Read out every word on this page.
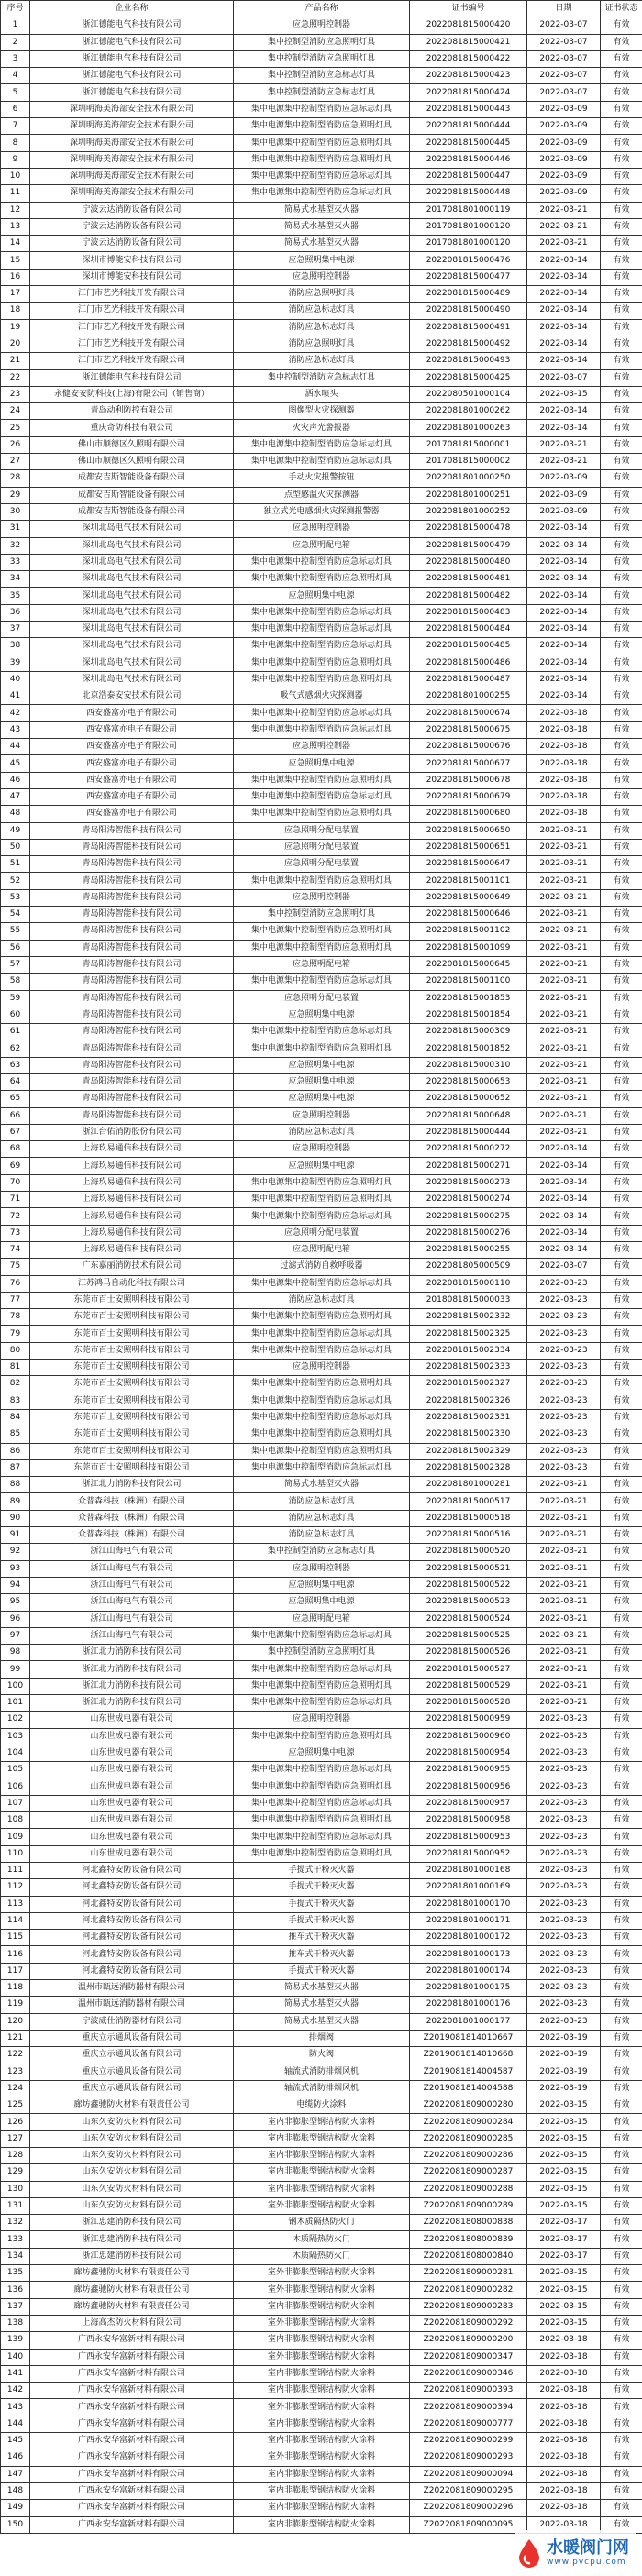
序号	企业名称	产品名称	证书编号	日期	证书状态
1	浙江德能电气科技有限公司	应急照明控制器	2022081815000420	2022-03-07	有效
2	浙江德能电气科技有限公司	集中控制型消防应急照明灯具	2022081815000421	2022-03-07	有效
3	浙江德能电气科技有限公司	集中控制型消防应急照明灯具	2022081815000422	2022-03-07	有效
4	浙江德能电气科技有限公司	集中控制型消防应急标志灯具	2022081815000423	2022-03-07	有效
5	浙江德能电气科技有限公司	集中控制型消防应急标志灯具	2022081815000424	2022-03-07	有效
6	深圳明海美海部安全技术有限公司	集中电源集中控制型消防应急标志灯具	2022081815000443	2022-03-09	有效
7	深圳明海美海部安全技术有限公司	集中电源集中控制型消防应急照明灯具	2022081815000444	2022-03-09	有效
8	深圳明海美海部安全技术有限公司	集中电源集中控制型消防应急照明灯具	2022081815000445	2022-03-09	有效
9	深圳明海美海部安全技术有限公司	集中电源集中控制型消防应急照明灯具	2022081815000446	2022-03-09	有效
10	深圳明海美海部安全技术有限公司	集中电源集中控制型消防应急标志灯具	2022081815000447	2022-03-09	有效
11	深圳明海美海部安全技术有限公司	集中电源集中控制型消防应急标志灯具	2022081815000448	2022-03-09	有效
12	宁波云达消防设备有限公司	简易式水基型灭火器	2017081801000119	2022-03-21	有效
13	宁波云达消防设备有限公司	简易式水基型灭火器	2017081801000120	2022-03-21	有效
14	宁波云达消防设备有限公司	简易式水基型灭火器	2017081801000120	2022-03-21	有效
15	深圳市博能安科技有限公司	应急照明集中电源	2022081815000476	2022-03-14	有效
16	深圳市博能安科技有限公司	应急照明控制器	2022081815000477	2022-03-14	有效
17	江门市艺光科技开发有限公司	消防应急照明灯具	2022081815000489	2022-03-14	有效
18	江门市艺光科技开发有限公司	消防应急标志灯具	2022081815000490	2022-03-14	有效
19	江门市艺光科技开发有限公司	消防应急标志灯具	2022081815000491	2022-03-14	有效
20	江门市艺光科技开发有限公司	消防应急照明灯具	2022081815000492	2022-03-14	有效
21	江门市艺光科技开发有限公司	消防应急标志灯具	2022081815000493	2022-03-14	有效
22	浙江德能电气科技有限公司	集中控制型消防应急标志灯具	2022081815000425	2022-03-07	有效
23	永健安安防科技(上海)有限公司（销售商）	洒水喷头	2022080501000104	2022-03-15	有效
24	青岛动利防控有限公司	图像型火灾探测器	2022081801000262	2022-03-14	有效
25	重庆奇防科技有限公司	火灾声光警报器	2022081801000263	2022-03-14	有效
26	佛山市顺德区久照明有限公司	集中电源集中控制型消防应急标志灯具	2017081815000001	2022-03-21	有效
27	佛山市顺德区久照明有限公司	集中电源集中控制型消防应急标志灯具	2017081815000002	2022-03-21	有效
28	成都安吉斯智能设备有限公司	手动火灾报警按钮	2022081801000250	2022-03-09	有效
29	成都安吉斯智能设备有限公司	点型感温火灾探测器	2022081801000251	2022-03-09	有效
30	成都安吉斯智能设备有限公司	独立式光电感烟火灾探测报警器	2022081801000252	2022-03-09	有效
31	深圳北岛电气技术有限公司	应急照明控制器	2022081815000478	2022-03-14	有效
32	深圳北岛电气技术有限公司	应急照明配电箱	2022081815000479	2022-03-14	有效
33	深圳北岛电气技术有限公司	集中电源集中控制型消防应急标志灯具	2022081815000480	2022-03-14	有效
34	深圳北岛电气技术有限公司	集中电源集中控制型消防应急照明灯具	2022081815000481	2022-03-14	有效
35	深圳北岛电气技术有限公司	应急照明集中电源	2022081815000482	2022-03-14	有效
36	深圳北岛电气技术有限公司	集中电源集中控制型消防应急标志灯具	2022081815000483	2022-03-14	有效
37	深圳北岛电气技术有限公司	集中电源集中控制型消防应急标志灯具	2022081815000484	2022-03-14	有效
38	深圳北岛电气技术有限公司	集中电源集中控制型消防应急标志灯具	2022081815000485	2022-03-14	有效
39	深圳北岛电气技术有限公司	集中电源集中控制型消防应急照明灯具	2022081815000486	2022-03-14	有效
40	深圳北岛电气技术有限公司	集中电源集中控制型消防应急照明灯具	2022081815000487	2022-03-14	有效
41	北京浩泰安安技术有限公司	吸气式感烟火灾探测器	2022081801000255	2022-03-14	有效
42	西安盛富亦电子有限公司	集中电源集中控制型消防应急标志灯具	2022081815000674	2022-03-18	有效
43	西安盛富亦电子有限公司	集中电源集中控制型消防应急标志灯具	2022081815000675	2022-03-18	有效
44	西安盛富亦电子有限公司	应急照明控制器	2022081815000676	2022-03-18	有效
45	西安盛富亦电子有限公司	应急照明集中电源	2022081815000677	2022-03-18	有效
46	西安盛富亦电子有限公司	集中电源集中控制型消防应急照明灯具	2022081815000678	2022-03-18	有效
47	西安盛富亦电子有限公司	集中电源集中控制型消防应急标志灯具	2022081815000679	2022-03-18	有效
48	西安盛富亦电子有限公司	集中电源集中控制型消防应急照明灯具	2022081815000680	2022-03-18	有效
49	青岛阳涛智能科技有限公司	应急照明分配电装置	2022081815000650	2022-03-21	有效
50	青岛阳涛智能科技有限公司	应急照明分配电装置	2022081815000651	2022-03-21	有效
51	青岛阳涛智能科技有限公司	应急照明分配电装置	2022081815000647	2022-03-21	有效
52	青岛阳涛智能科技有限公司	集中电源集中控制型消防应急照明灯具	2022081815001101	2022-03-21	有效
53	青岛阳涛智能科技有限公司	应急照明控制器	2022081815000649	2022-03-21	有效
54	青岛阳涛智能科技有限公司	集中控制型消防应急照明灯具	2022081815000646	2022-03-21	有效
55	青岛阳涛智能科技有限公司	集中电源集中控制型消防应急照明灯具	2022081815001102	2022-03-21	有效
56	青岛阳涛智能科技有限公司	集中电源集中控制型消防应急照明灯具	2022081815001099	2022-03-21	有效
57	青岛阳涛智能科技有限公司	应急照明配电箱	2022081815000645	2022-03-21	有效
58	青岛阳涛智能科技有限公司	集中电源集中控制型消防应急标志灯具	2022081815001100	2022-03-21	有效
59	青岛阳涛智能科技有限公司	应急照明分配电装置	2022081815001853	2022-03-21	有效
60	青岛阳涛智能科技有限公司	应急照明集中电源	2022081815001854	2022-03-21	有效
61	青岛阳涛智能科技有限公司	集中电源集中控制型消防应急标志灯具	2022081815000309	2022-03-21	有效
62	青岛阳涛智能科技有限公司	集中电源集中控制型消防应急照明灯具	2022081815001852	2022-03-21	有效
63	青岛阳涛智能科技有限公司	应急照明集中电源	2022081815000310	2022-03-21	有效
64	青岛阳涛智能科技有限公司	应急照明集中电源	2022081815000653	2022-03-21	有效
65	青岛阳涛智能科技有限公司	应急照明集中电源	2022081815000652	2022-03-21	有效
66	青岛阳涛智能科技有限公司	应急照明控制器	2022081815000648	2022-03-21	有效
67	浙江台佑消防股份有限公司	消防应急标志灯具	2022081815000444	2022-03-21	有效
68	上海玖易通信科技有限公司	应急照明控制器	2022081815000272	2022-03-14	有效
69	上海玖易通信科技有限公司	应急照明集中电源	2022081815000271	2022-03-14	有效
70	上海玖易通信科技有限公司	集中电源集中控制型消防应急照明灯具	2022081815000273	2022-03-14	有效
71	上海玖易通信科技有限公司	集中电源集中控制型消防应急照明灯具	2022081815000274	2022-03-14	有效
72	上海玖易通信科技有限公司	集中电源集中控制型消防应急标志灯具	2022081815000275	2022-03-14	有效
73	上海玖易通信科技有限公司	应急照明分配电装置	2022081815000276	2022-03-14	有效
74	上海玖易通信科技有限公司	应急照明配电箱	2022081815000255	2022-03-14	有效
75	广东嘉丽消防技术有限公司	过滤式消防自救呼吸器	2022081805000509	2022-03-07	有效
76	江苏鸿马自动化科技有限公司	集中电源集中控制型消防应急标志灯具	2022081815000110	2022-03-23	有效
77	东莞市百士安照明科技有限公司	消防应急标志灯具	2018081815000033	2022-03-23	有效
78	东莞市百士安照明科技有限公司	集中电源集中控制型消防应急照明灯具	2022081815002332	2022-03-23	有效
79	东莞市百士安照明科技有限公司	集中电源集中控制型消防应急标志灯具	2022081815002325	2022-03-23	有效
80	东莞市百士安照明科技有限公司	集中电源集中控制型消防应急标志灯具	2022081815002334	2022-03-23	有效
81	东莞市百士安照明科技有限公司	应急照明控制器	2022081815002333	2022-03-23	有效
82	东莞市百士安照明科技有限公司	集中电源集中控制型消防应急照明灯具	2022081815002327	2022-03-23	有效
83	东莞市百士安照明科技有限公司	集中电源集中控制型消防应急标志灯具	2022081815002326	2022-03-23	有效
84	东莞市百士安照明科技有限公司	集中电源集中控制型消防应急标志灯具	2022081815002331	2022-03-23	有效
85	东莞市百士安照明科技有限公司	集中电源集中控制型消防应急照明灯具	2022081815002330	2022-03-23	有效
86	东莞市百士安照明科技有限公司	集中电源集中控制型消防应急照明灯具	2022081815002329	2022-03-23	有效
87	东莞市百士安照明科技有限公司	集中电源集中控制型消防应急标志灯具	2022081815002328	2022-03-23	有效
88	浙江北力消防科技有限公司	简易式水基型灭火器	2022081801000281	2022-03-21	有效
89	众普森科技（株洲）有限公司	消防应急标志灯具	2022081815000517	2022-03-21	有效
90	众普森科技（株洲）有限公司	消防应急标志灯具	2022081815000518	2022-03-21	有效
91	众普森科技（株洲）有限公司	消防应急标志灯具	2022081815000516	2022-03-21	有效
92	浙江山海电气有限公司	集中控制型消防应急标志灯具	2022081815000520	2022-03-21	有效
93	浙江山海电气有限公司	应急照明控制器	2022081815000521	2022-03-21	有效
94	浙江山海电气有限公司	应急照明集中电源	2022081815000522	2022-03-21	有效
95	浙江山海电气有限公司	应急照明集中电源	2022081815000523	2022-03-21	有效
96	浙江山海电气有限公司	应急照明配电箱	2022081815000524	2022-03-21	有效
97	浙江山海电气有限公司	集中电源集中控制型消防应急标志灯具	2022081815000525	2022-03-21	有效
98	浙江北力消防科技有限公司	集中控制型消防应急照明灯具	2022081815000526	2022-03-21	有效
99	浙江北力消防科技有限公司	集中电源集中控制型消防应急标志灯具	2022081815000527	2022-03-21	有效
100	浙江北力消防科技有限公司	集中电源集中控制型消防应急照明灯具	2022081815000529	2022-03-21	有效
101	浙江北力消防科技有限公司	集中电源集中控制型消防应急标志灯具	2022081815000528	2022-03-21	有效
102	山东世成电器有限公司	应急照明控制器	2022081815000959	2022-03-23	有效
103	山东世成电器有限公司	集中电源集中控制型消防应急照明灯具	2022081815000960	2022-03-23	有效
104	山东世成电器有限公司	应急照明集中电源	2022081815000954	2022-03-23	有效
105	山东世成电器有限公司	集中电源集中控制型消防应急标志灯具	2022081815000955	2022-03-23	有效
106	山东世成电器有限公司	集中电源集中控制型消防应急照明灯具	2022081815000956	2022-03-23	有效
107	山东世成电器有限公司	集中电源集中控制型消防应急标志灯具	2022081815000957	2022-03-23	有效
108	山东世成电器有限公司	集中电源集中控制型消防应急照明灯具	2022081815000958	2022-03-23	有效
109	山东世成电器有限公司	集中电源集中控制型消防应急标志灯具	2022081815000953	2022-03-23	有效
110	山东世成电器有限公司	集中电源集中控制型消防应急照明灯具	2022081815000952	2022-03-23	有效
111	河北鑫特安防设备有限公司	手提式干粉灭火器	2022081801000168	2022-03-23	有效
112	河北鑫特安防设备有限公司	手提式干粉灭火器	2022081801000169	2022-03-23	有效
113	河北鑫特安防设备有限公司	手提式干粉灭火器	2022081801000170	2022-03-23	有效
114	河北鑫特安防设备有限公司	手提式干粉灭火器	2022081801000171	2022-03-23	有效
115	河北鑫特安防设备有限公司	推车式干粉灭火器	2022081801000172	2022-03-23	有效
116	河北鑫特安防设备有限公司	推车式干粉灭火器	2022081801000173	2022-03-23	有效
117	河北鑫特安防设备有限公司	手提式干粉灭火器	2022081801000174	2022-03-23	有效
118	温州市瓯远消防器材有限公司	简易式水基型灭火器	2022081801000175	2022-03-23	有效
119	温州市瓯远消防器材有限公司	简易式水基型灭火器	2022081801000176	2022-03-23	有效
120	宁波威仕消防器材有限公司	简易式水基型灭火器	2022081801000177	2022-03-23	有效
121	重庆立示通风设备有限公司	排烟阀	Z2019081814010667	2022-03-19	有效
122	重庆立示通风设备有限公司	防火阀	Z2019081814010668	2022-03-19	有效
123	重庆立示通风设备有限公司	轴流式消防排烟风机	Z2019081814004587	2022-03-19	有效
124	重庆立示通风设备有限公司	轴流式消防排烟风机	Z2019081814004588	2022-03-19	有效
125	廊坊鑫驰防火材料有限责任公司	电缆防火涂料	Z2022081809000280	2022-03-15	有效
126	山东久安防火材料有限公司	室内非膨胀型钢结构防火涂料	Z2022081809000284	2022-03-15	有效
127	山东久安防火材料有限公司	室内非膨胀型钢结构防火涂料	Z2022081809000285	2022-03-15	有效
128	山东久安防火材料有限公司	室内非膨胀型钢结构防火涂料	Z2022081809000286	2022-03-15	有效
129	山东久安防火材料有限公司	室内非膨胀型钢结构防火涂料	Z2022081809000287	2022-03-15	有效
130	山东久安防火材料有限公司	室内非膨胀型钢结构防火涂料	Z2022081809000288	2022-03-15	有效
131	山东久安防火材料有限公司	室外非膨胀型钢结构防火涂料	Z2022081809000289	2022-03-15	有效
132	浙江忠建消防科技有限公司	钢木质隔热防火门	Z2022081808000838	2022-03-17	有效
133	浙江忠建消防科技有限公司	木质隔热防火门	Z2022081808000839	2022-03-17	有效
134	浙江忠建消防科技有限公司	木质隔热防火门	Z2022081808000840	2022-03-17	有效
135	廊坊鑫驰防火材料有限责任公司	室外非膨胀型钢结构防火涂料	Z2022081809000281	2022-03-15	有效
136	廊坊鑫驰防火材料有限责任公司	室外非膨胀型钢结构防火涂料	Z2022081809000282	2022-03-15	有效
137	廊坊鑫驰防火材料有限责任公司	室内非膨胀型钢结构防火涂料	Z2022081809000283	2022-03-15	有效
138	上海高杰防火材料有限公司	室外非膨胀型钢结构防火涂料	Z2022081809000292	2022-03-15	有效
139	广西永安华富新材料有限公司	室内非膨胀型钢结构防火涂料	Z2022081809000200	2022-03-18	有效
140	广西永安华富新材料有限公司	室外非膨胀型钢结构防火涂料	Z2022081809000347	2022-03-18	有效
141	广西永安华富新材料有限公司	室内非膨胀型钢结构防火涂料	Z2022081809000346	2022-03-18	有效
142	广西永安华富新材料有限公司	室内非膨胀型钢结构防火涂料	Z2022081809000393	2022-03-18	有效
143	广西永安华富新材料有限公司	室外非膨胀型钢结构防火涂料	Z2022081809000394	2022-03-18	有效
144	广西永安华富新材料有限公司	室内非膨胀型钢结构防火涂料	Z2022081809000777	2022-03-18	有效
145	广西永安华富新材料有限公司	室内非膨胀型钢结构防火涂料	Z2022081809000299	2022-03-18	有效
146	广西永安华富新材料有限公司	室外非膨胀型钢结构防火涂料	Z2022081809000293	2022-03-18	有效
147	广西永安华富新材料有限公司	室内非膨胀型钢结构防火涂料	Z2022081809000094	2022-03-18	有效
148	广西永安华富新材料有限公司	室内非膨胀型钢结构防火涂料	Z2022081809000295	2022-03-18	有效
149	广西永安华富新材料有限公司	室内非膨胀型钢结构防火涂料	Z2022081809000296	2022-03-18	有效
150	广西永安华富新材料有限公司	室内非膨胀型钢结构防火涂料	Z2022081809000095	2022-03-18	有效
水暖阀门网
www.pvcpu.com
